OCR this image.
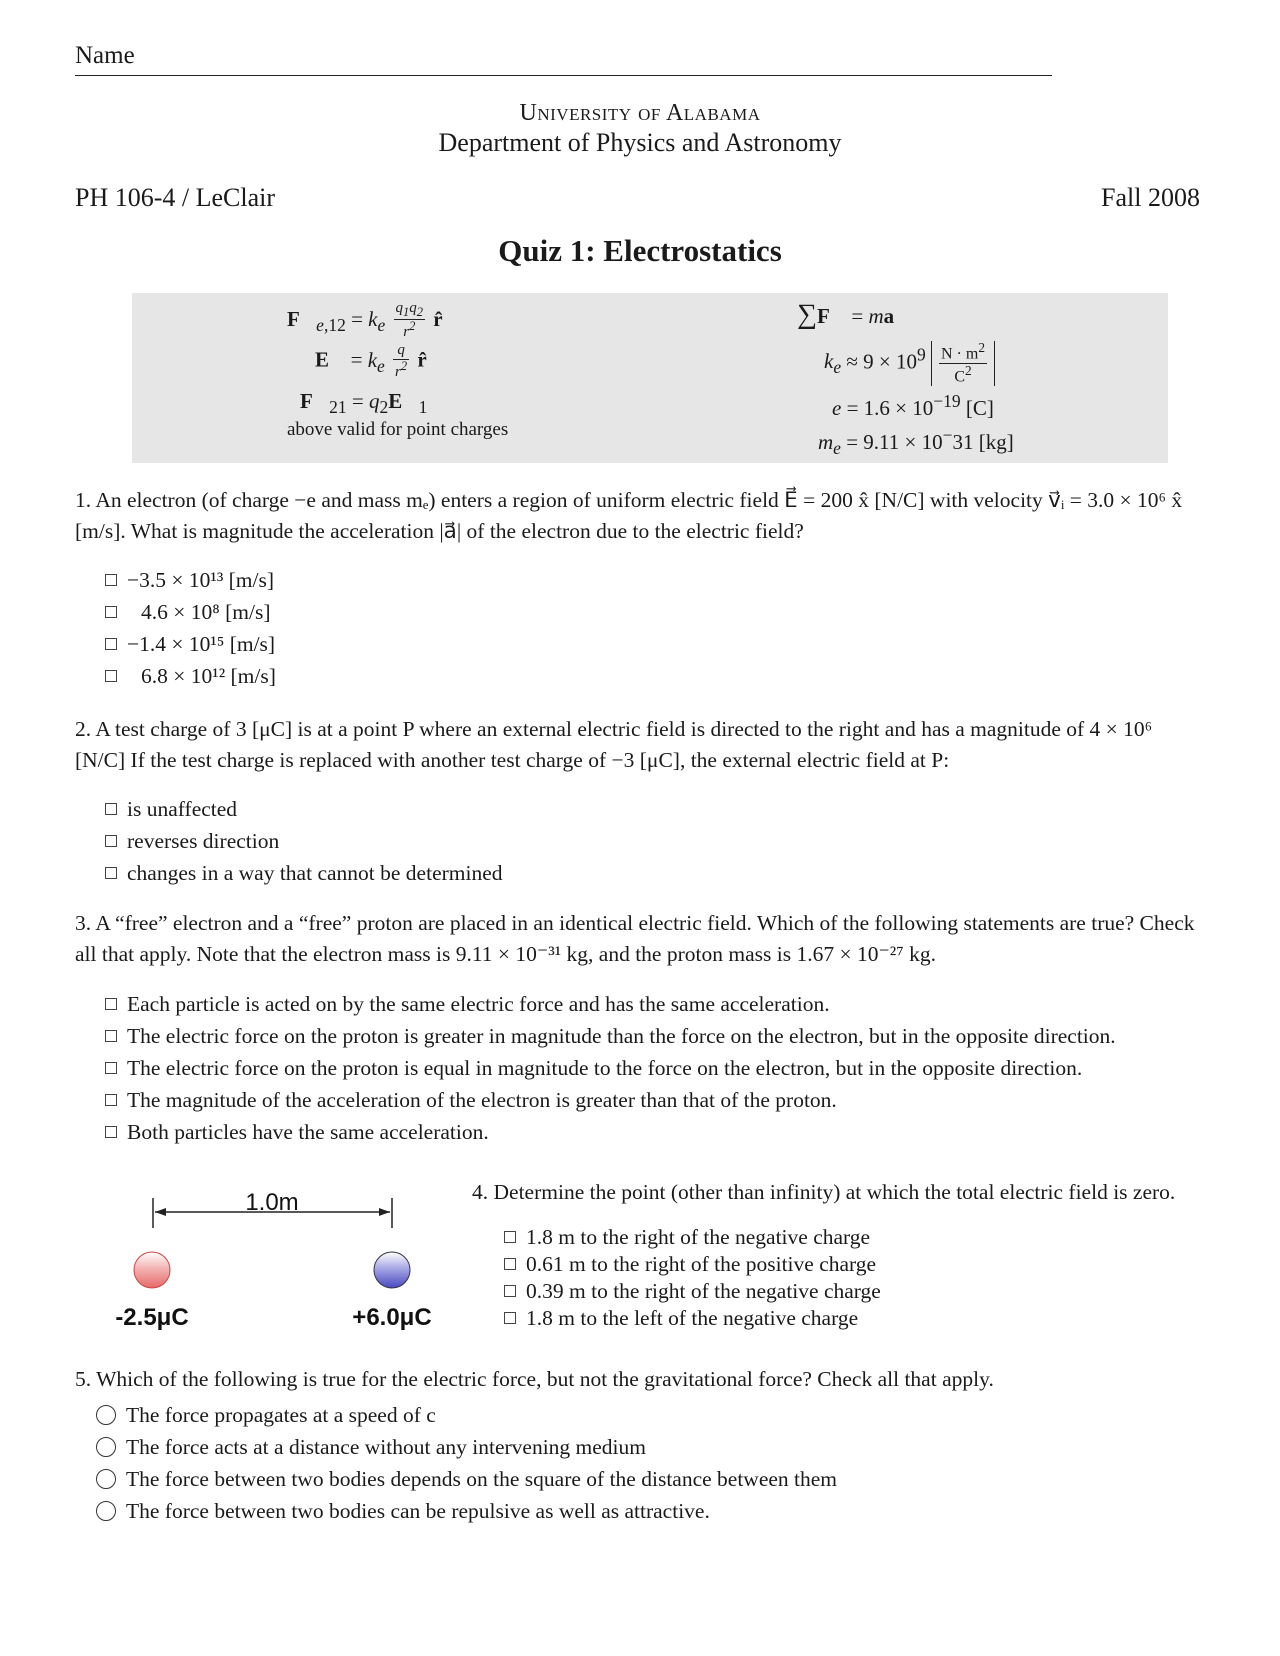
Name
University of Alabama
Department of Physics and Astronomy
PH 106-4 / LeClair	Fall 2008
Quiz 1: Electrostatics
$F⃗_{e,12} = k_e \frac{q_1q_2}{r^2}$ r̂
E⃗ = $k_e \frac{q}{r^2}$ r̂
$F⃗_{21}$ = $q_2E⃗_1$
above valid for point charges
∑F⃗ = ma⃗
$k_e \approx 9 \times 10^9 \frac{N \cdot m^2}{C^2}$
$e = 1.6 \times 10^{-19}$ [C]
$m_e = 9.11 \times 10^-31$ [kg]
1. An electron (of charge −e and mass mₑ) enters a region of uniform electric field E⃗ = 200 x̂ [N/C] with velocity v⃗ᵢ = 3.0 × 10⁶ x̂ [m/s]. What is magnitude the acceleration |a⃗| of the electron due to the electric field?
−3.5 × 10¹³ [m/s]
4.6 × 10⁸ [m/s]
−1.4 × 10¹⁵ [m/s]
6.8 × 10¹² [m/s]
2. A test charge of 3 [μC] is at a point P where an external electric field is directed to the right and has a magnitude of 4 × 10⁶ [N/C] If the test charge is replaced with another test charge of −3 [μC], the external electric field at P:
is unaffected
reverses direction
changes in a way that cannot be determined
3. A “free” electron and a “free” proton are placed in an identical electric field. Which of the following statements are true? Check all that apply. Note that the electron mass is 9.11 × 10⁻³¹ kg, and the proton mass is 1.67 × 10⁻²⁷ kg.
Each particle is acted on by the same electric force and has the same acceleration.
The electric force on the proton is greater in magnitude than the force on the electron, but in the opposite direction.
The electric force on the proton is equal in magnitude to the force on the electron, but in the opposite direction.
The magnitude of the acceleration of the electron is greater than that of the proton.
Both particles have the same acceleration.
1.0m
-2.5μC	+6.0μC
4. Determine the point (other than infinity) at which the total electric field is zero.
1.8 m to the right of the negative charge
0.61 m to the right of the positive charge
0.39 m to the right of the negative charge
1.8 m to the left of the negative charge
5. Which of the following is true for the electric force, but not the gravitational force? Check all that apply.
The force propagates at a speed of c
The force acts at a distance without any intervening medium
The force between two bodies depends on the square of the distance between them
The force between two bodies can be repulsive as well as attractive.
